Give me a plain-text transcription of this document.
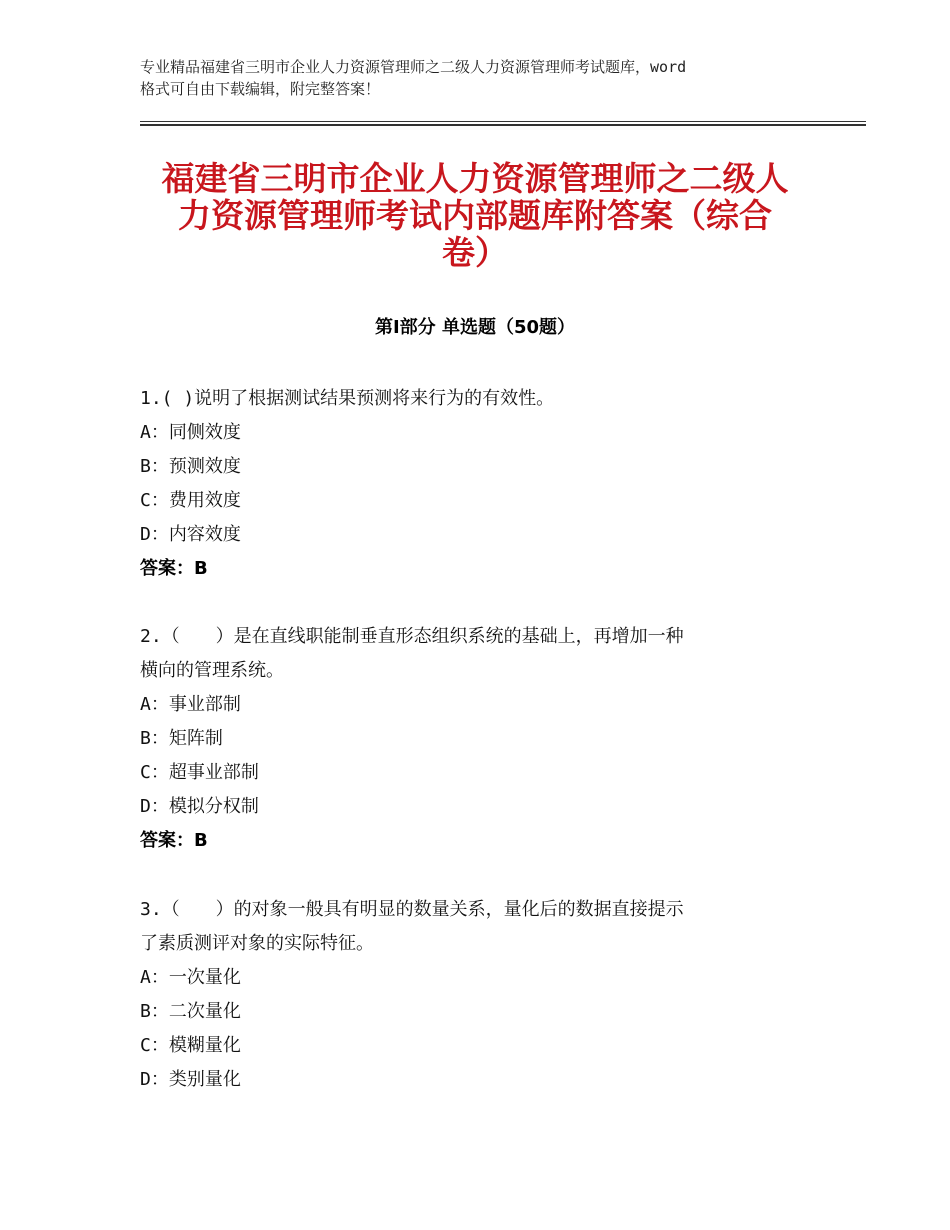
专业精品福建省三明市企业人力资源管理师之二级人力资源管理师考试题库，word
格式可自由下载编辑，附完整答案！
福建省三明市企业人力资源管理师之二级人
力资源管理师考试内部题库附答案（综合
卷）
第Ⅰ部分 单选题（50题）
1.( )说明了根据测试结果预测将来行为的有效性。
A：同侧效度
B：预测效度
C：费用效度
D：内容效度
答案：B
2.（　　）是在直线职能制垂直形态组织系统的基础上，再增加一种
横向的管理系统。
A：事业部制
B：矩阵制
C：超事业部制
D：模拟分权制
答案：B
3.（　　）的对象一般具有明显的数量关系，量化后的数据直接提示
了素质测评对象的实际特征。
A：一次量化
B：二次量化
C：模糊量化
D：类别量化
